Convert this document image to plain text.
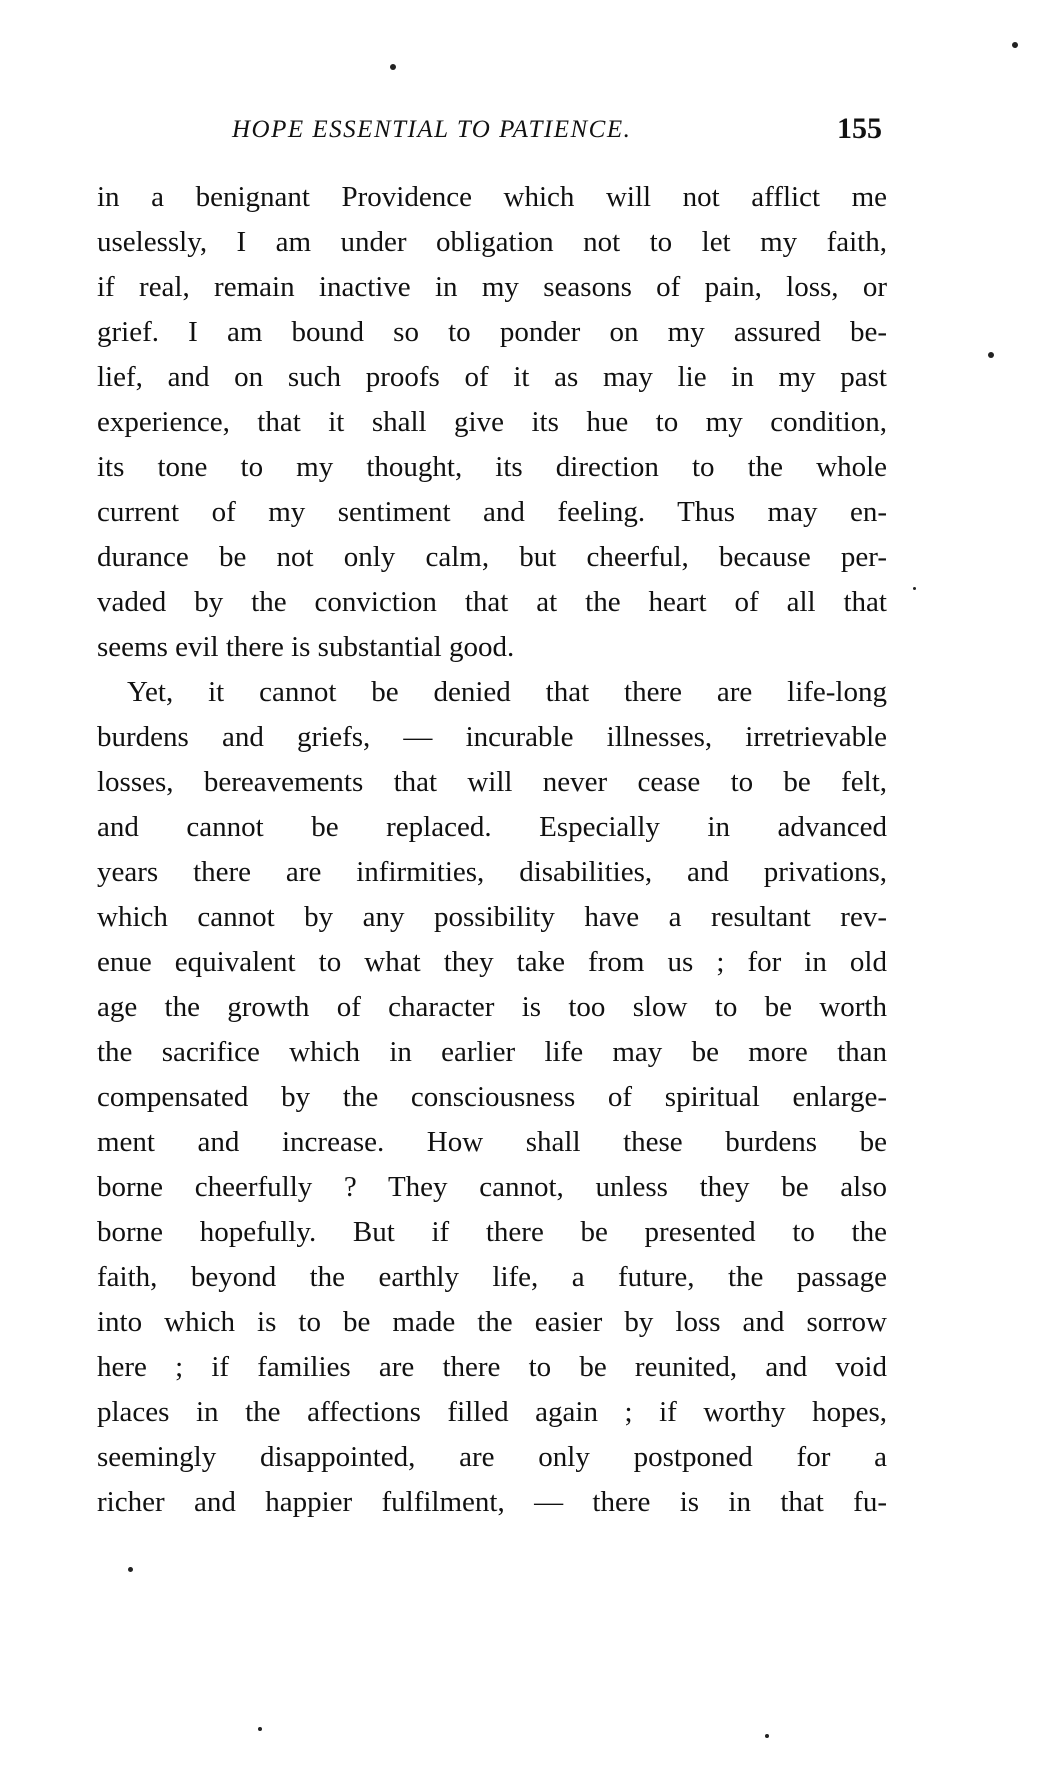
HOPE ESSENTIAL TO PATIENCE.	155
in a benignant Providence which will not afflict me
uselessly, I am under obligation not to let my faith,
if real, remain inactive in my seasons of pain, loss, or
grief. I am bound so to ponder on my assured be-
lief, and on such proofs of it as may lie in my past
experience, that it shall give its hue to my condition,
its tone to my thought, its direction to the whole
current of my sentiment and feeling. Thus may en-
durance be not only calm, but cheerful, because per-
vaded by the conviction that at the heart of all that
seems evil there is substantial good.
Yet, it cannot be denied that there are life-long
burdens and griefs, — incurable illnesses, irretrievable
losses, bereavements that will never cease to be felt,
and cannot be replaced. Especially in advanced
years there are infirmities, disabilities, and privations,
which cannot by any possibility have a resultant rev-
enue equivalent to what they take from us ; for in old
age the growth of character is too slow to be worth
the sacrifice which in earlier life may be more than
compensated by the consciousness of spiritual enlarge-
ment and increase. How shall these burdens be
borne cheerfully ? They cannot, unless they be also
borne hopefully. But if there be presented to the
faith, beyond the earthly life, a future, the passage
into which is to be made the easier by loss and sorrow
here ; if families are there to be reunited, and void
places in the affections filled again ; if worthy hopes,
seemingly disappointed, are only postponed for a
richer and happier fulfilment, — there is in that fu-
